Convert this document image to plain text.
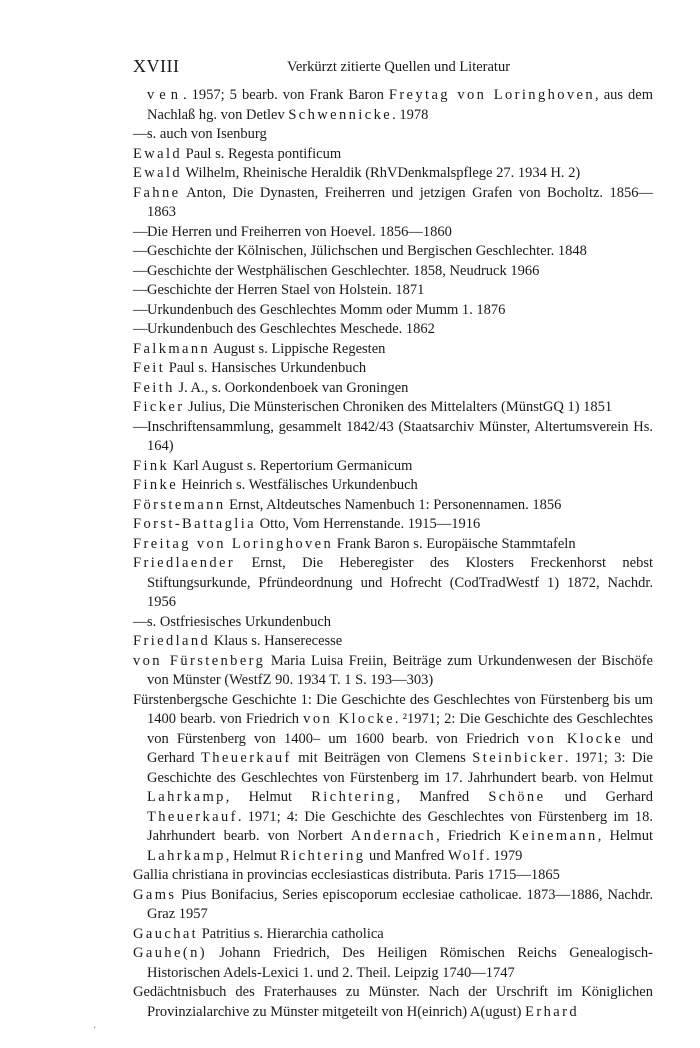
XVIII	Verkürzt zitierte Quellen und Literatur
v e n . 1957; 5 bearb. von Frank Baron Freytag von Loringhoven, aus dem Nachlaß hg. von Detlev Schwennicke. 1978
—s. auch von Isenburg
Ewald Paul s. Regesta pontificum
Ewald Wilhelm, Rheinische Heraldik (RhVDenkmalspflege 27. 1934 H. 2)
Fahne Anton, Die Dynasten, Freiherren und jetzigen Grafen von Bocholtz. 1856—1863
—Die Herren und Freiherren von Hoevel. 1856—1860
—Geschichte der Kölnischen, Jülichschen und Bergischen Geschlechter. 1848
—Geschichte der Westphälischen Geschlechter. 1858, Neudruck 1966
—Geschichte der Herren Stael von Holstein. 1871
—Urkundenbuch des Geschlechtes Momm oder Mumm 1. 1876
—Urkundenbuch des Geschlechtes Meschede. 1862
Falkmann August s. Lippische Regesten
Feit Paul s. Hansisches Urkundenbuch
Feith J. A., s. Oorkondenboek van Groningen
Ficker Julius, Die Münsterischen Chroniken des Mittelalters (MünstGQ 1) 1851
—Inschriftensammlung, gesammelt 1842/43 (Staatsarchiv Münster, Altertumsverein Hs. 164)
Fink Karl August s. Repertorium Germanicum
Finke Heinrich s. Westfälisches Urkundenbuch
Förstemann Ernst, Altdeutsches Namenbuch 1: Personennamen. 1856
Forst-Battaglia Otto, Vom Herrenstande. 1915—1916
Freitag von Loringhoven Frank Baron s. Europäische Stammtafeln
Friedlaender Ernst, Die Heberegister des Klosters Freckenhorst nebst Stiftungsurkunde, Pfründeordnung und Hofrecht (CodTradWestf 1) 1872, Nachdr. 1956
—s. Ostfriesisches Urkundenbuch
Friedland Klaus s. Hanserecesse
von Fürstenberg Maria Luisa Freiin, Beiträge zum Urkundenwesen der Bischöfe von Münster (WestfZ 90. 1934 T. 1 S. 193—303)
Fürstenbergsche Geschichte 1: Die Geschichte des Geschlechtes von Fürstenberg bis um 1400 bearb. von Friedrich von Klocke. ²1971; 2: Die Geschichte des Geschlechtes von Fürstenberg von 1400– um 1600 bearb. von Friedrich von Klocke und Gerhard Theuerkauf mit Beiträgen von Clemens Steinbicker. 1971; 3: Die Geschichte des Geschlechtes von Fürstenberg im 17. Jahrhundert bearb. von Helmut Lahrkamp, Helmut Richtering, Manfred Schöne und Gerhard Theuerkauf. 1971; 4: Die Geschichte des Geschlechtes von Fürstenberg im 18. Jahrhundert bearb. von Norbert Andernach, Friedrich Keinemann, Helmut Lahrkamp, Helmut Richtering und Manfred Wolf. 1979
Gallia christiana in provincias ecclesiasticas distributa. Paris 1715—1865
Gams Pius Bonifacius, Series episcoporum ecclesiae catholicae. 1873—1886, Nachdr. Graz 1957
Gauchat Patritius s. Hierarchia catholica
Gauhe(n) Johann Friedrich, Des Heiligen Römischen Reichs Genealogisch-Historischen Adels-Lexici 1. und 2. Theil. Leipzig 1740—1747
Gedächtnisbuch des Fraterhauses zu Münster. Nach der Urschrift im Königlichen Provinzialarchive zu Münster mitgeteilt von H(einrich) A(ugust) Erhard
·
